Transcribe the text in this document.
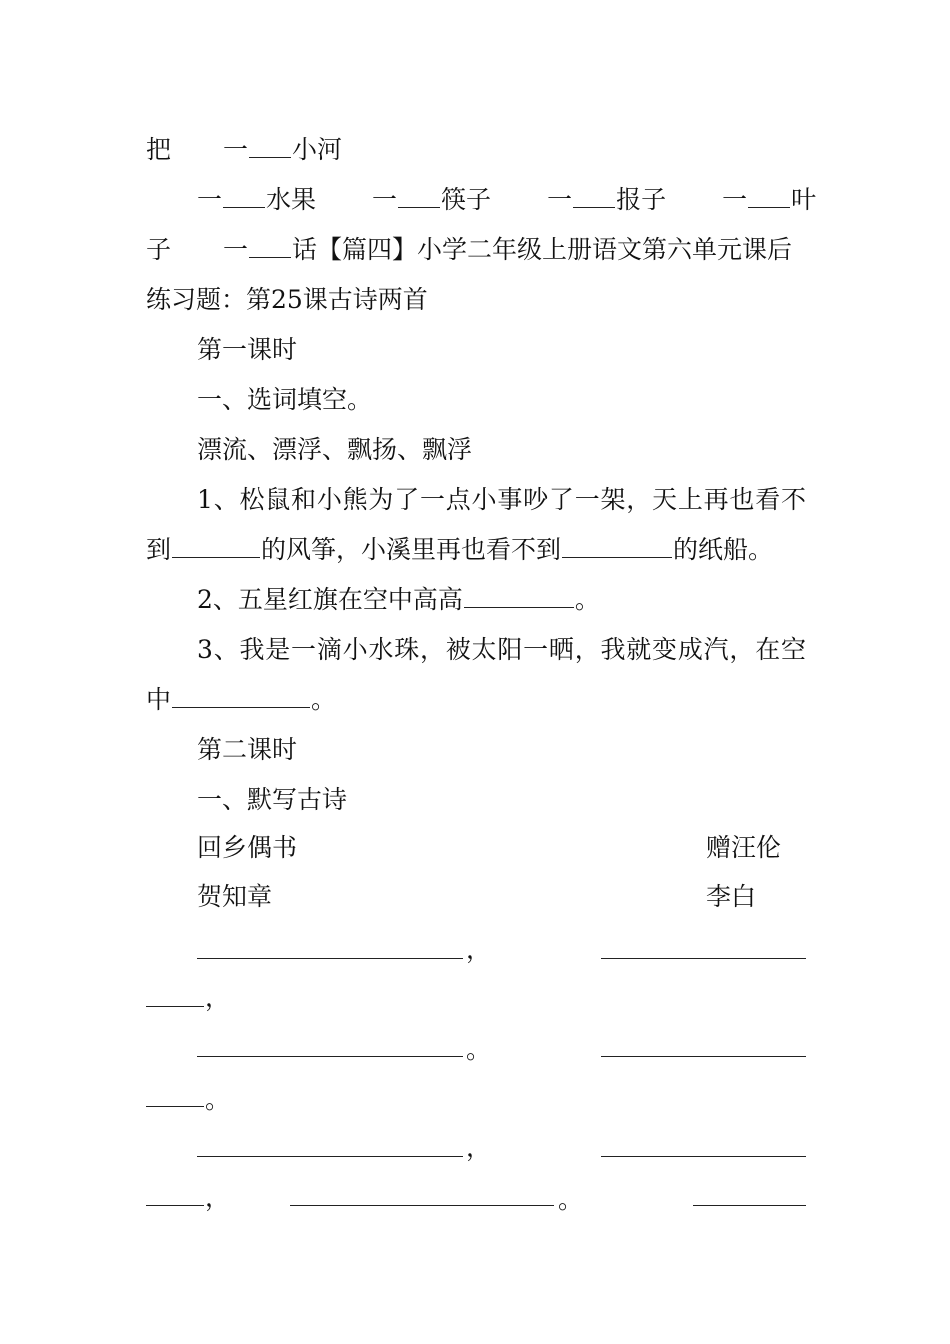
把 一 小河
一 水果 一 筷子 一 报子 一 叶
子 一 话【篇四】小学二年级上册语文第六单元课后
练习题：第25课古诗两首
第一课时
一、选词填空。
漂流、漂浮、飘扬、飘浮
1、松鼠和小熊为了一点小事吵了一架，天上再也看不
到	的风筝，小溪里再也看不到	的纸船。
2、五星红旗在空中高高	。
3、我是一滴小水珠，被太阳一晒，我就变成汽，在空
中	。
第二课时
一、默写古诗
回乡偶书	赠汪伦
贺知章	李白
，
，
。
。
，
，	。
